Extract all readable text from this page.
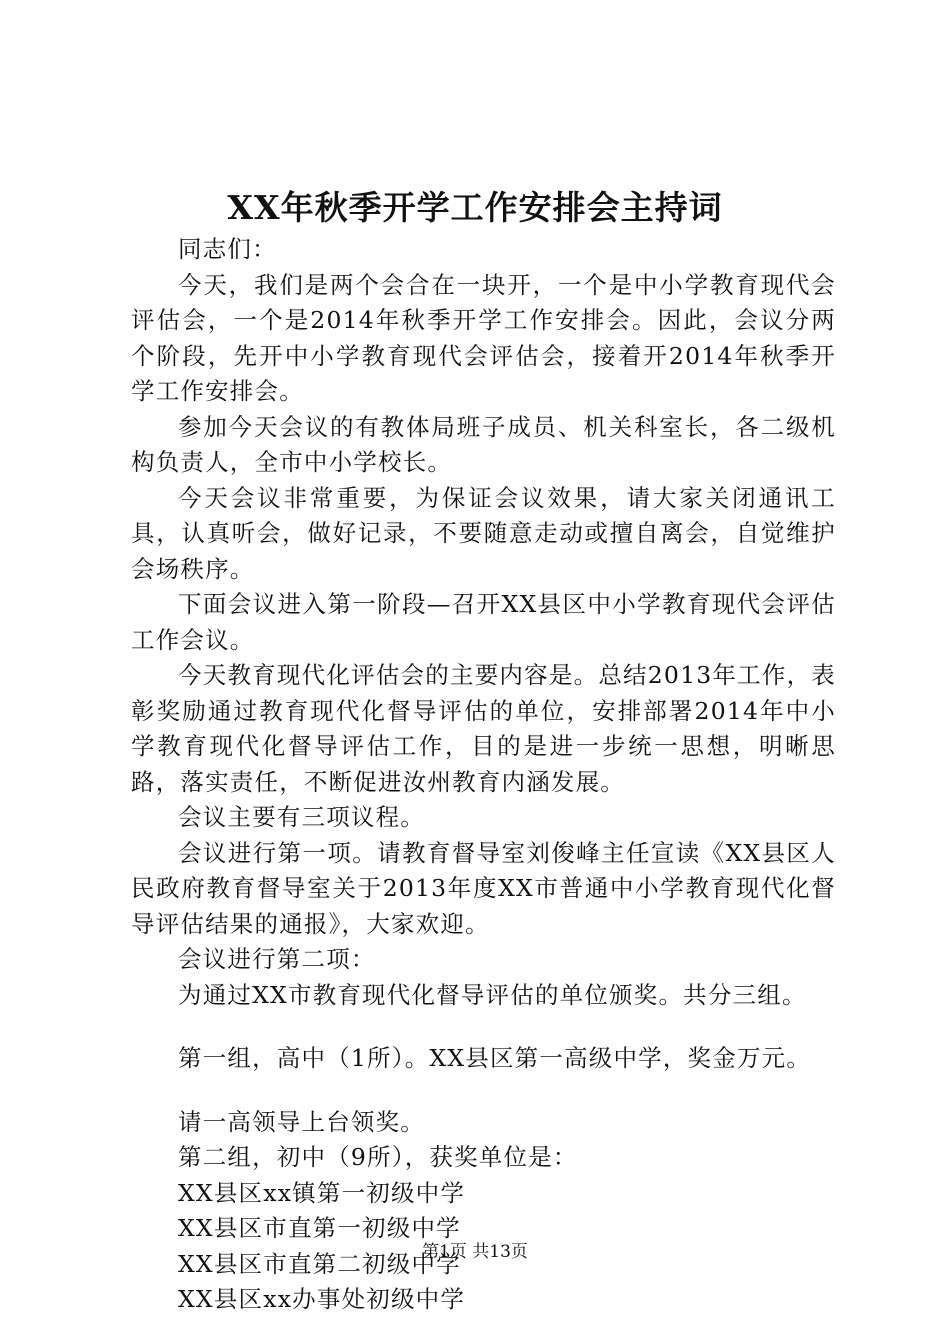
XX年秋季开学工作安排会主持词

同志们：

今天，我们是两个会合在一块开，一个是中小学教育现代会评估会，一个是2014年秋季开学工作安排会。因此，会议分两个阶段，先开中小学教育现代会评估会，接着开2014年秋季开学工作安排会。

参加今天会议的有教体局班子成员、机关科室长，各二级机构负责人，全市中小学校长。

今天会议非常重要，为保证会议效果，请大家关闭通讯工具，认真听会，做好记录，不要随意走动或擅自离会，自觉维护会场秩序。

下面会议进入第一阶段—召开XX县区中小学教育现代会评估工作会议。

今天教育现代化评估会的主要内容是。总结2013年工作，表彰奖励通过教育现代化督导评估的单位，安排部署2014年中小学教育现代化督导评估工作，目的是进一步统一思想，明晰思路，落实责任，不断促进汝州教育内涵发展。

会议主要有三项议程。

会议进行第一项。请教育督导室刘俊峰主任宣读《XX县区人民政府教育督导室关于2013年度XX市普通中小学教育现代化督导评估结果的通报》，大家欢迎。

会议进行第二项：

为通过XX市教育现代化督导评估的单位颁奖。共分三组。

第一组，高中（1所）。XX县区第一高级中学，奖金万元。

请一高领导上台领奖。

第二组，初中（9所），获奖单位是：

XX县区xx镇第一初级中学

XX县区市直第一初级中学

XX县区市直第二初级中学

XX县区xx办事处初级中学

第1页 共13页
